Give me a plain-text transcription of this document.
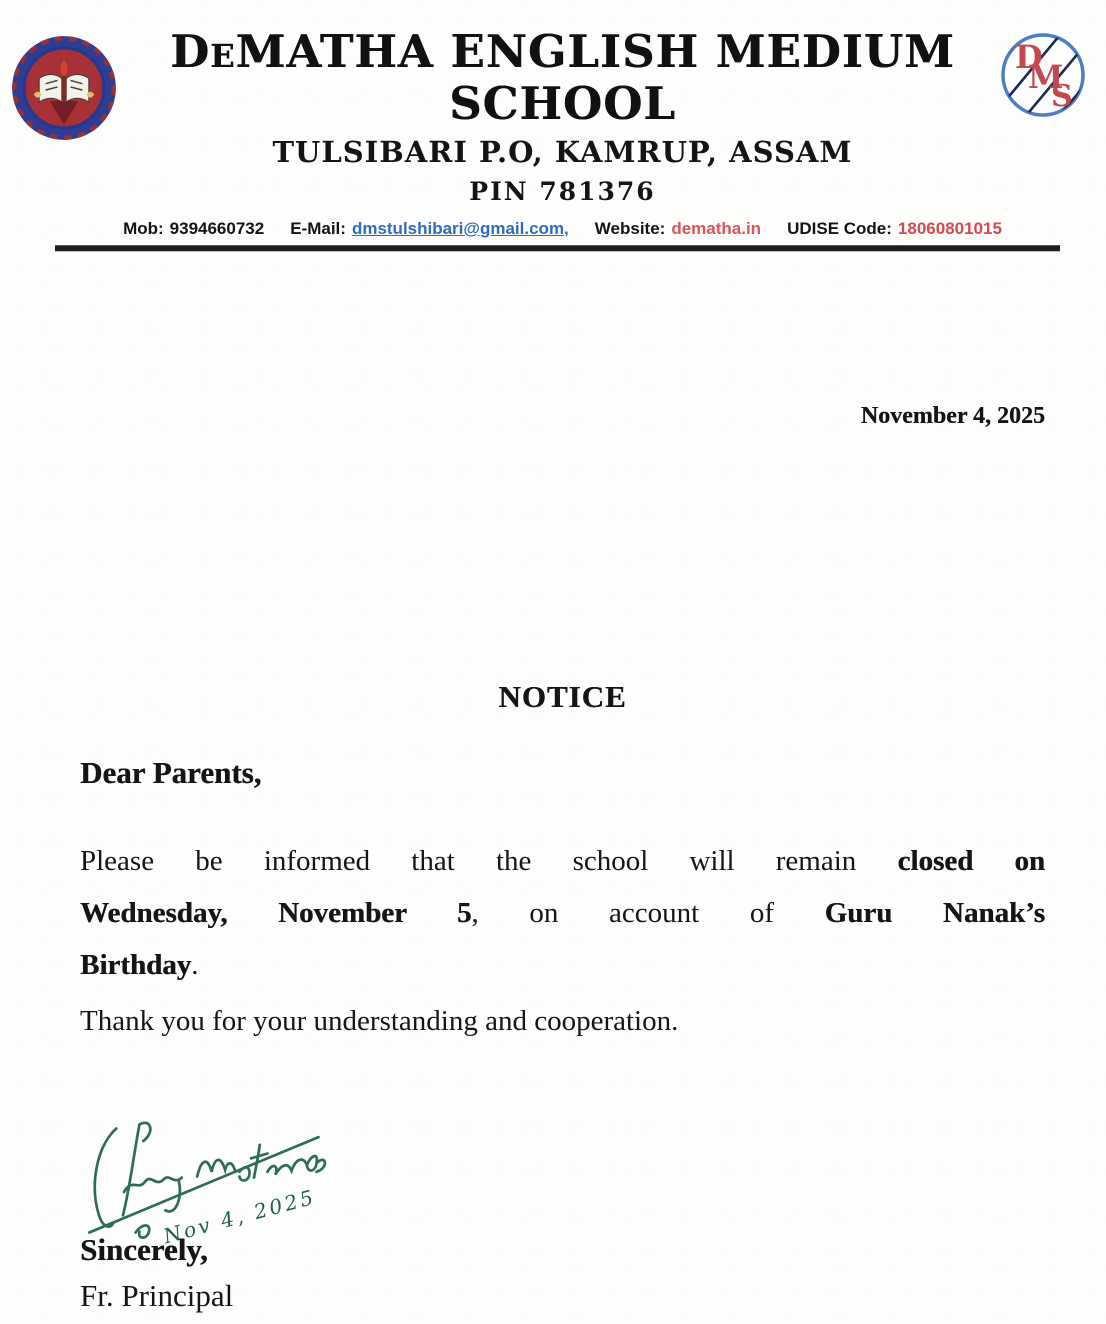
DeMATHA ENGLISH MEDIUM SCHOOL
TULSIBARI P.O, KAMRUP, ASSAM
PIN 781376
D
M
S
Mob: 9394660732 E-Mail: dmstulshibari@gmail.com, Website: dematha.in UDISE Code: 18060801015
November 4, 2025
NOTICE

Dear Parents,

Please be informed that the school will remain closed on
Wednesday, November 5, on account of Guru Nanak’s
Birthday.

Thank you for your understanding and cooperation.

Nov 4, 2025

Sincerely,

Fr. Principal
